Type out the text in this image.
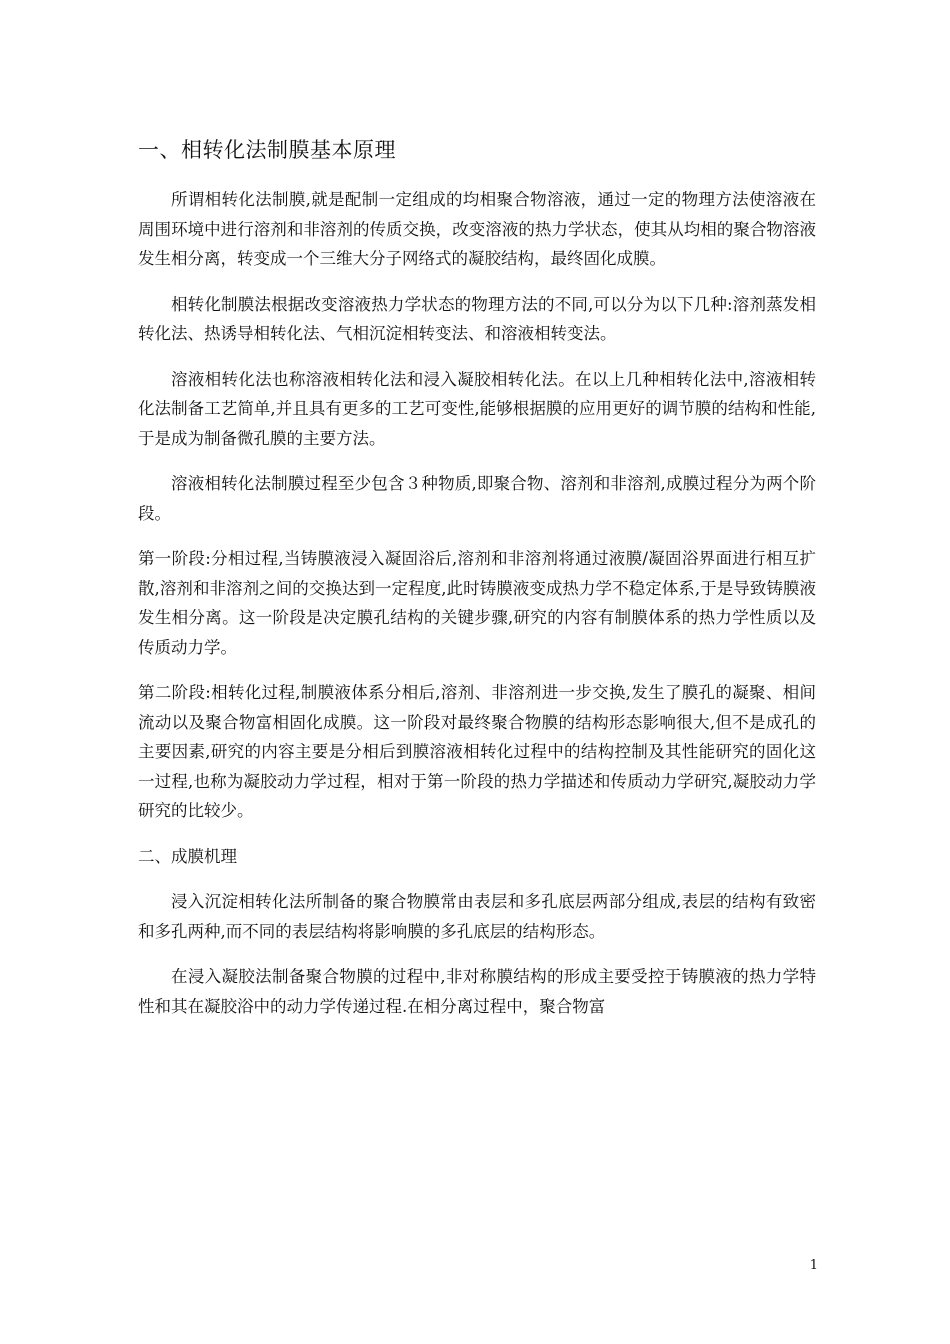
一、相转化法制膜基本原理

所谓相转化法制膜,就是配制一定组成的均相聚合物溶液，通过一定的物理方法使溶液在周围环境中进行溶剂和非溶剂的传质交换，改变溶液的热力学状态，使其从均相的聚合物溶液发生相分离，转变成一个三维大分子网络式的凝胶结构，最终固化成膜。

相转化制膜法根据改变溶液热力学状态的物理方法的不同,可以分为以下几种:溶剂蒸发相转化法、热诱导相转化法、气相沉淀相转变法、和溶液相转变法。

溶液相转化法也称溶液相转化法和浸入凝胶相转化法。在以上几种相转化法中,溶液相转化法制备工艺简单,并且具有更多的工艺可变性,能够根据膜的应用更好的调节膜的结构和性能,于是成为制备微孔膜的主要方法。

溶液相转化法制膜过程至少包含３种物质,即聚合物、溶剂和非溶剂,成膜过程分为两个阶段。

第一阶段:分相过程,当铸膜液浸入凝固浴后,溶剂和非溶剂将通过液膜/凝固浴界面进行相互扩散,溶剂和非溶剂之间的交换达到一定程度,此时铸膜液变成热力学不稳定体系,于是导致铸膜液发生相分离。这一阶段是决定膜孔结构的关键步骤,研究的内容有制膜体系的热力学性质以及传质动力学。

第二阶段:相转化过程,制膜液体系分相后,溶剂、非溶剂进一步交换,发生了膜孔的凝聚、相间流动以及聚合物富相固化成膜。这一阶段对最终聚合物膜的结构形态影响很大,但不是成孔的主要因素,研究的内容主要是分相后到膜溶液相转化过程中的结构控制及其性能研究的固化这一过程,也称为凝胶动力学过程，相对于第一阶段的热力学描述和传质动力学研究,凝胶动力学研究的比较少。

二、成膜机理

浸入沉淀相转化法所制备的聚合物膜常由表层和多孔底层两部分组成,表层的结构有致密和多孔两种,而不同的表层结构将影响膜的多孔底层的结构形态。

在浸入凝胶法制备聚合物膜的过程中,非对称膜结构的形成主要受控于铸膜液的热力学特性和其在凝胶浴中的动力学传递过程.在相分离过程中，聚合物富

1
